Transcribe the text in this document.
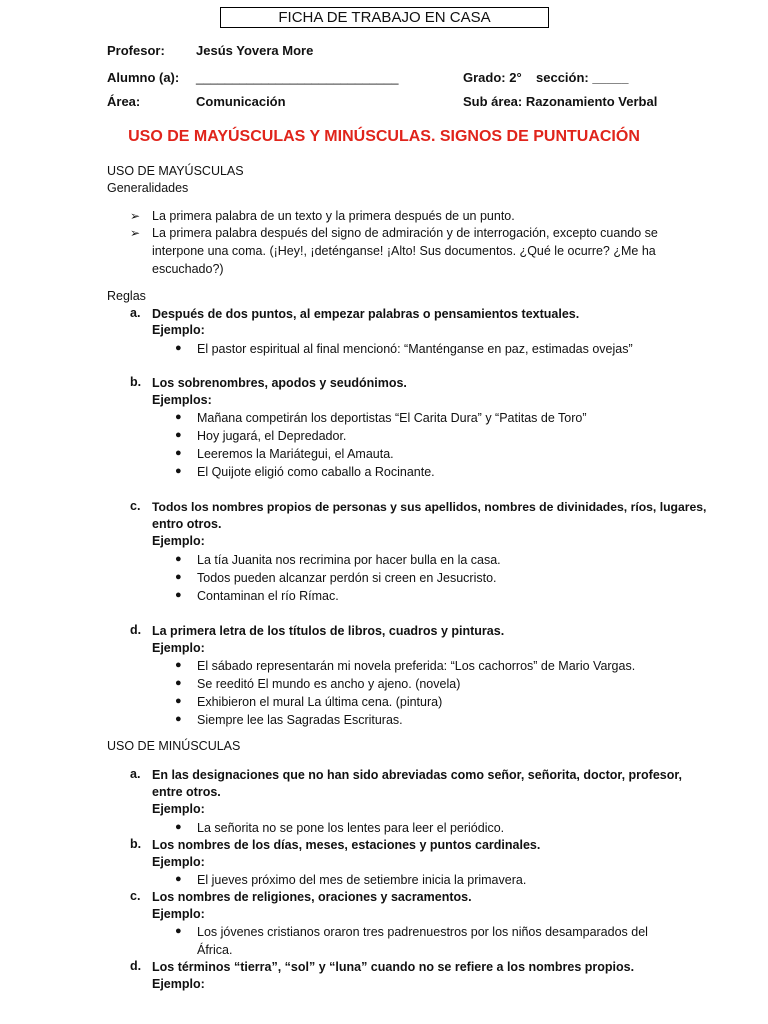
FICHA DE TRABAJO EN CASA
Profesor: Jesús Yovera More
Alumno (a): ____________________________	Grado: 2° sección: _____
Área:	Comunicación	Sub área: Razonamiento Verbal
USO DE MAYÚSCULAS Y MINÚSCULAS. SIGNOS DE PUNTUACIÓN
USO DE MAYÚSCULAS
Generalidades
➢ La primera palabra de un texto y la primera después de un punto.
➢ La primera palabra después del signo de admiración y de interrogación, excepto cuando se
interpone una coma. (¡Hey!, ¡deténganse! ¡Alto! Sus documentos. ¿Qué le ocurre? ¿Me ha
escuchado?)
Reglas
a. Después de dos puntos, al empezar palabras o pensamientos textuales.
Ejemplo:
● El pastor espiritual al final mencionó: “Manténganse en paz, estimadas ovejas”
b. Los sobrenombres, apodos y seudónimos.
Ejemplos:
● Mañana competirán los deportistas “El Carita Dura” y “Patitas de Toro”
● Hoy jugará, el Depredador.
● Leeremos la Mariátegui, el Amauta.
● El Quijote eligió como caballo a Rocinante.
c. Todos los nombres propios de personas y sus apellidos, nombres de divinidades, ríos, lugares,
entro otros.
Ejemplo:
● La tía Juanita nos recrimina por hacer bulla en la casa.
● Todos pueden alcanzar perdón si creen en Jesucristo.
● Contaminan el río Rímac.
d. La primera letra de los títulos de libros, cuadros y pinturas.
Ejemplo:
● El sábado representarán mi novela preferida: “Los cachorros” de Mario Vargas.
● Se reeditó El mundo es ancho y ajeno. (novela)
● Exhibieron el mural La última cena. (pintura)
● Siempre lee las Sagradas Escrituras.
USO DE MINÚSCULAS
a. En las designaciones que no han sido abreviadas como señor, señorita, doctor, profesor,
entre otros.
Ejemplo:
● La señorita no se pone los lentes para leer el periódico.
b. Los nombres de los días, meses, estaciones y puntos cardinales.
Ejemplo:
● El jueves próximo del mes de setiembre inicia la primavera.
c. Los nombres de religiones, oraciones y sacramentos.
Ejemplo:
● Los jóvenes cristianos oraron tres padrenuestros por los niños desamparados del
África.
d. Los términos “tierra”, “sol” y “luna” cuando no se refiere a los nombres propios.
Ejemplo:
